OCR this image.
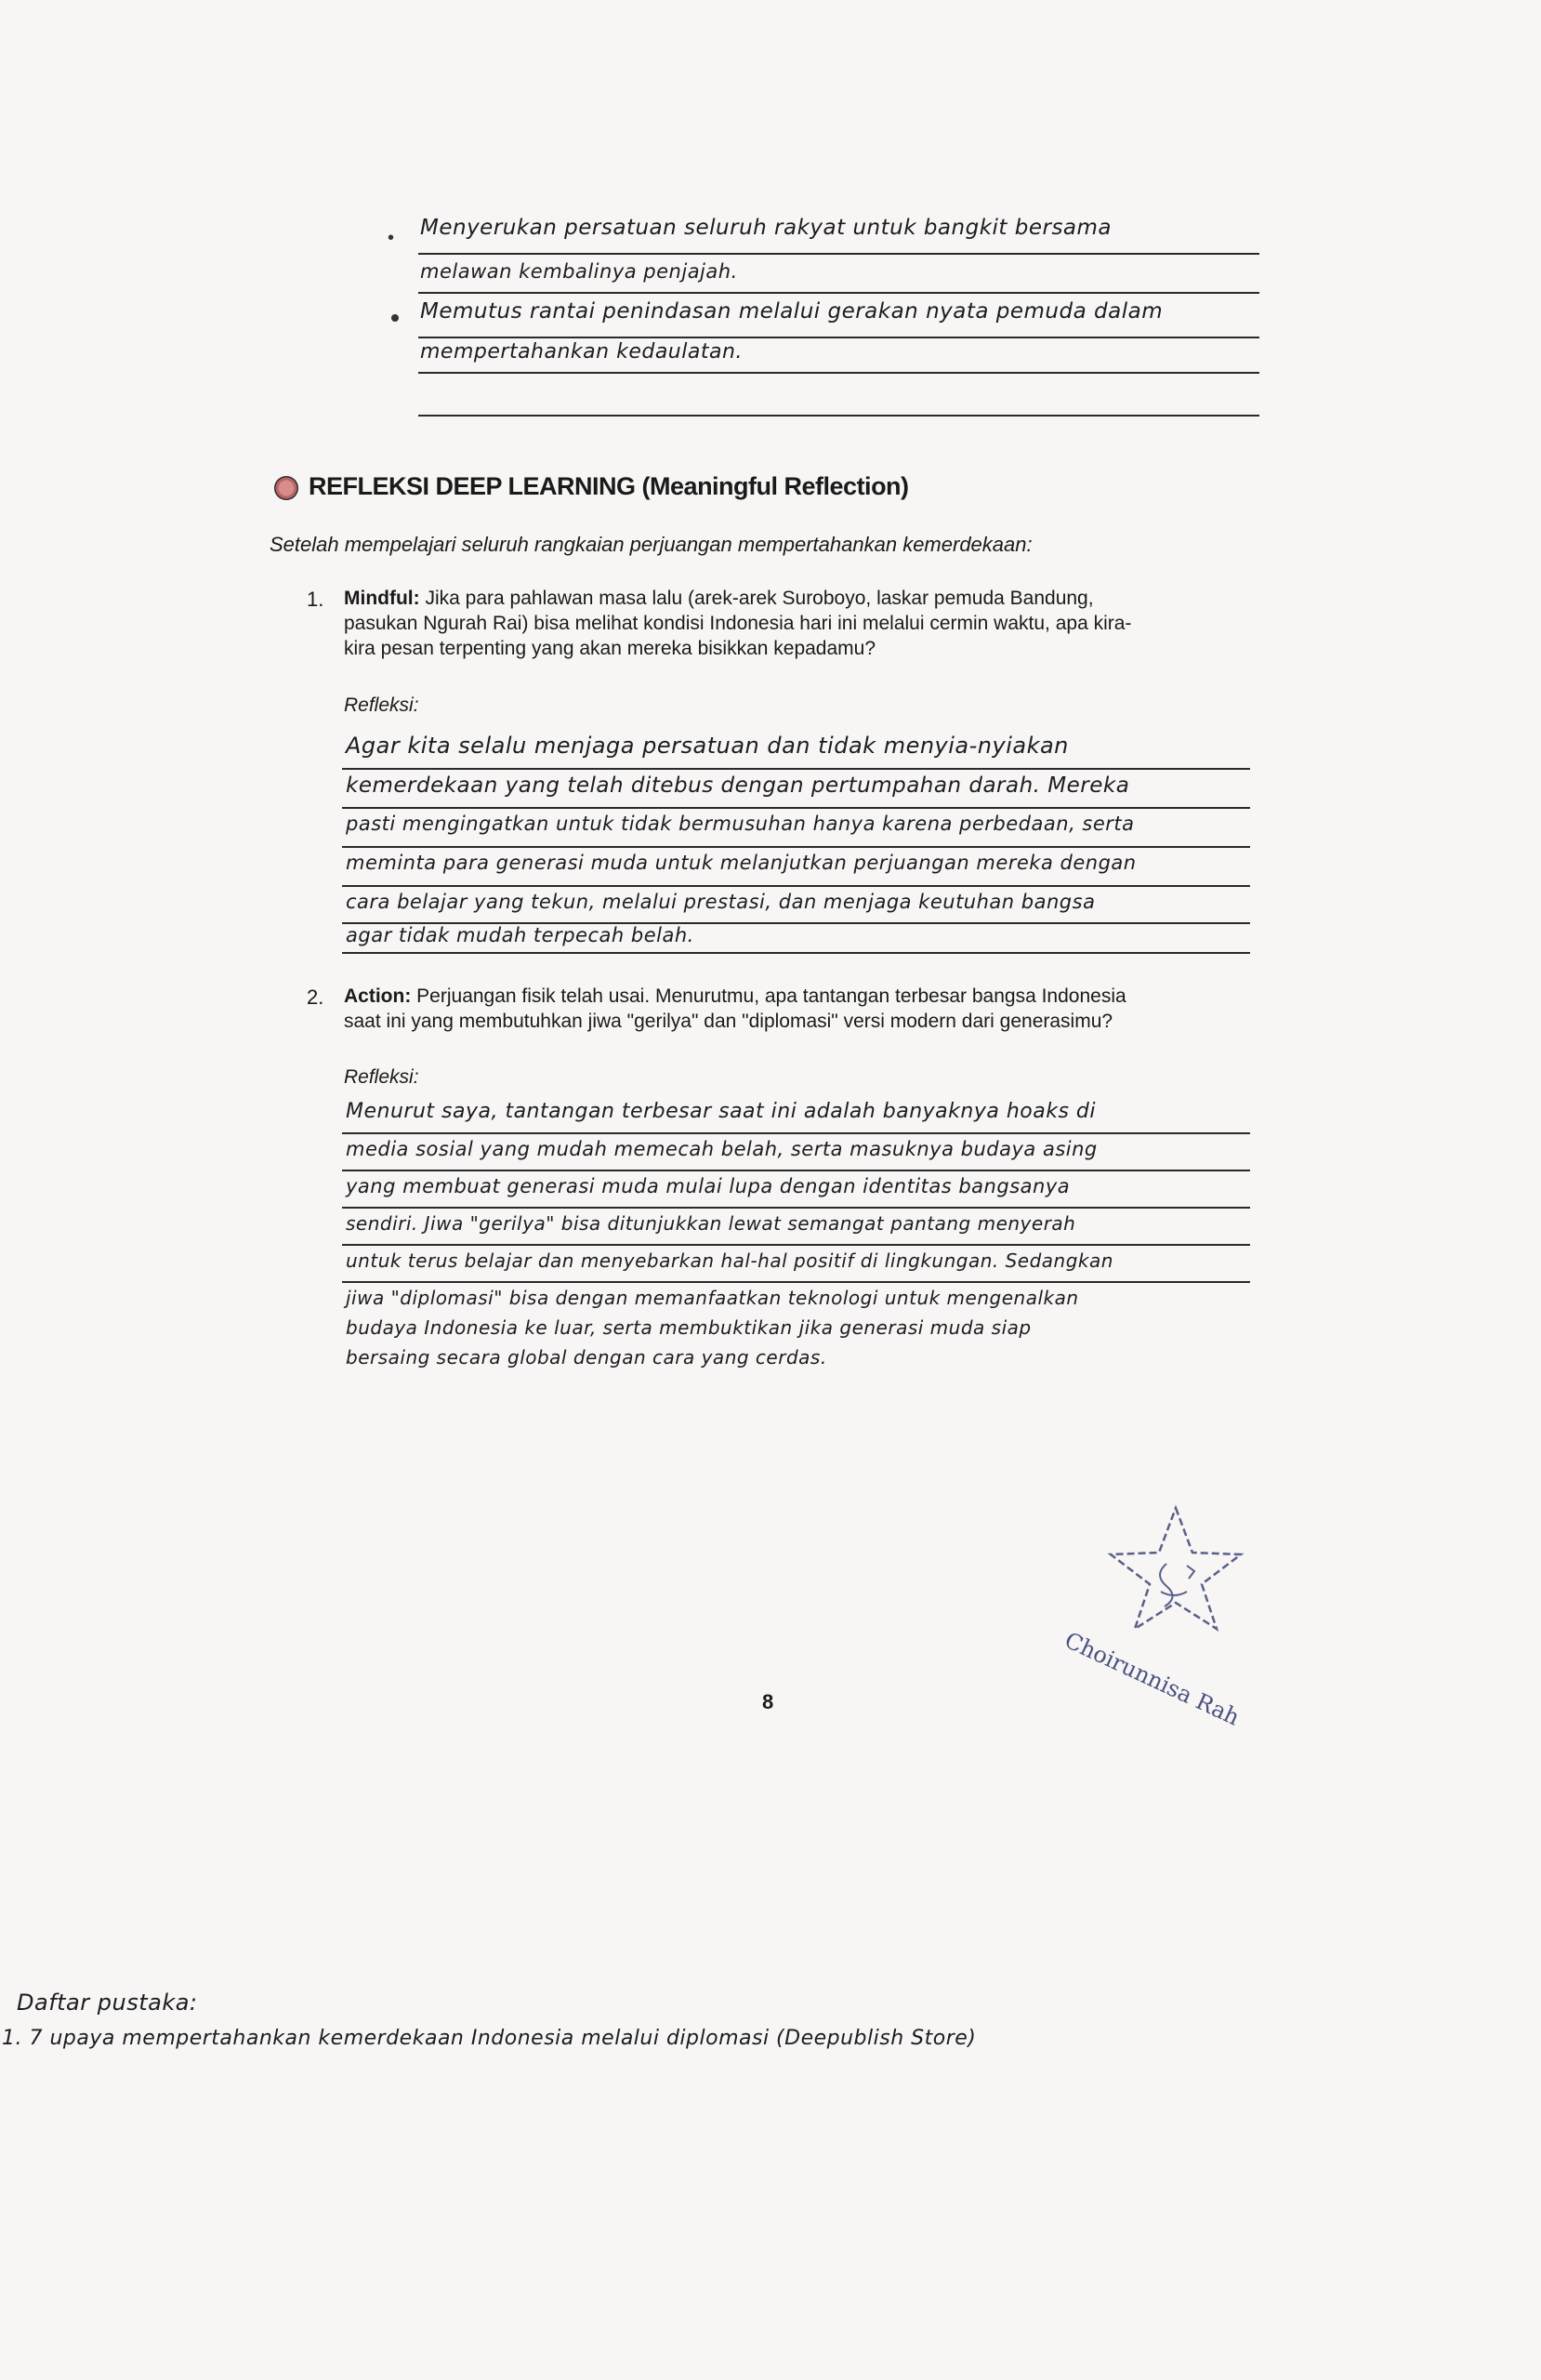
• Menyerukan persatuan seluruh rakyat untuk bangkit bersama
melawan kembalinya penjajah.
Memutus rantai penindasan melalui gerakan nyata pemuda dalam
mempertahankan kedaulatan.
REFLEKSI DEEP LEARNING (Meaningful Reflection)
Setelah mempelajari seluruh rangkaian perjuangan mempertahankan kemerdekaan:
1. Mindful: Jika para pahlawan masa lalu (arek-arek Suroboyo, laskar pemuda Bandung,
pasukan Ngurah Rai) bisa melihat kondisi Indonesia hari ini melalui cermin waktu, apa kira-
kira pesan terpenting yang akan mereka bisikkan kepadamu?
Refleksi:
Agar kita selalu menjaga persatuan dan tidak menyia-nyiakan
kemerdekaan yang telah ditebus dengan pertumpahan darah. Mereka
pasti mengingatkan untuk tidak bermusuhan hanya karena perbedaan, serta
meminta para generasi muda untuk melanjutkan perjuangan mereka dengan
cara belajar yang tekun, melalui prestasi, dan menjaga keutuhan bangsa
agar tidak mudah terpecah belah.
2. Action: Perjuangan fisik telah usai. Menurutmu, apa tantangan terbesar bangsa Indonesia
saat ini yang membutuhkan jiwa "gerilya" dan "diplomasi" versi modern dari generasimu?
Refleksi:
Menurut saya, tantangan terbesar saat ini adalah banyaknya hoaks di
media sosial yang mudah memecah belah, serta masuknya budaya asing
yang membuat generasi muda mulai lupa dengan identitas bangsanya
sendiri. Jiwa "gerilya" bisa ditunjukkan lewat semangat pantang menyerah
untuk terus belajar dan menyebarkan hal-hal positif di lingkungan. Sedangkan
jiwa "diplomasi" bisa dengan memanfaatkan teknologi untuk mengenalkan
budaya Indonesia ke luar, serta membuktikan jika generasi muda siap
bersaing secara global dengan cara yang cerdas.
Choirunnisa Rah
8
Daftar pustaka:
1. 7 upaya mempertahankan kemerdekaan Indonesia melalui diplomasi (Deepublish Store)
